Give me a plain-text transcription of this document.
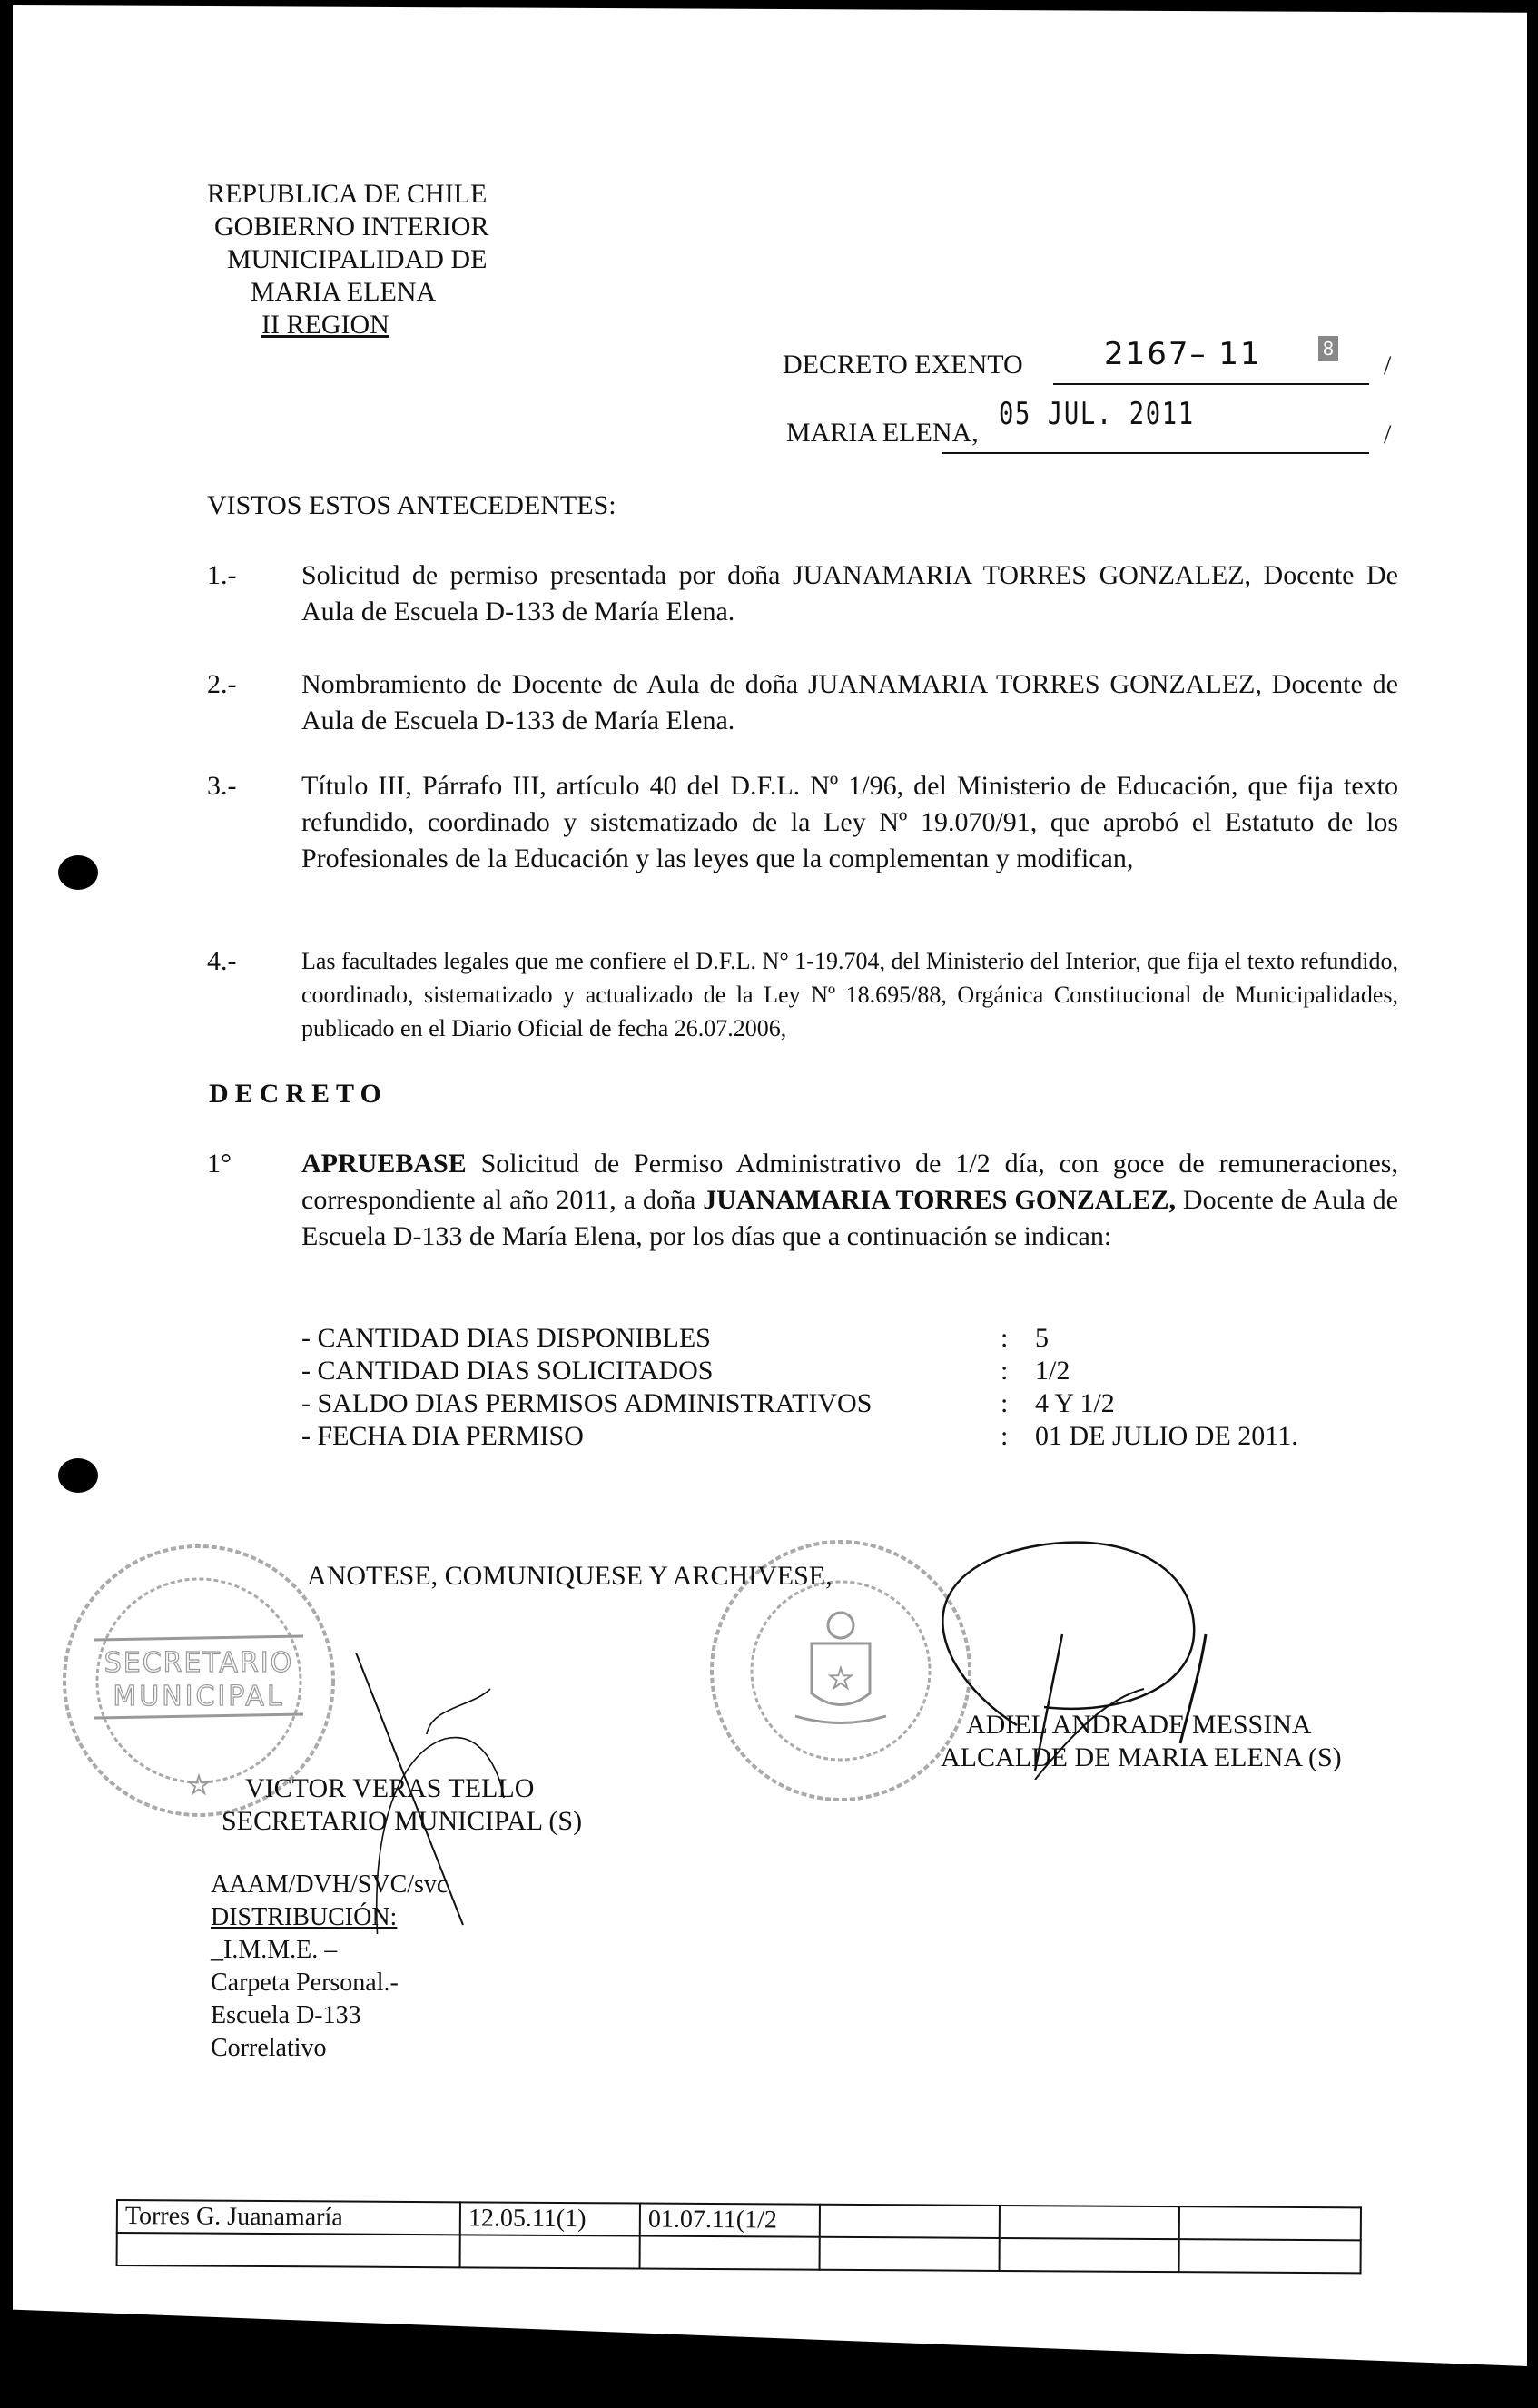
REPUBLICA DE CHILE
GOBIERNO INTERIOR
MUNICIPALIDAD DE
MARIA ELENA
II REGION
DECRETO EXENTO	2167– 11	8
/
MARIA ELENA,
05 JUL. 2011
/
VISTOS ESTOS ANTECEDENTES:
1.- Solicitud de permiso presentada por doña JUANAMARIA TORRES GONZALEZ, Docente De Aula de Escuela D-133 de María Elena.
2.- Nombramiento de Docente de Aula de doña JUANAMARIA TORRES GONZALEZ, Docente de Aula de Escuela D-133 de María Elena.
3.- Título III, Párrafo III, artículo 40 del D.F.L. Nº 1/96, del Ministerio de Educación, que fija texto refundido, coordinado y sistematizado de la Ley Nº 19.070/91, que aprobó el Estatuto de los Profesionales de la Educación y las leyes que la complementan y modifican,
4.-	Las facultades legales que me confiere el D.F.L. N° 1-19.704, del Ministerio del Interior, que fija el texto refundido, coordinado, sistematizado y actualizado de la Ley Nº 18.695/88, Orgánica Constitucional de Municipalidades, publicado en el Diario Oficial de fecha 26.07.2006,
DECRETO
1°	APRUEBASE Solicitud de Permiso Administrativo de 1/2 día, con goce de remuneraciones, correspondiente al año 2011, a doña JUANAMARIA TORRES GONZALEZ, Docente de Aula de Escuela D-133 de María Elena, por los días que a continuación se indican:
- CANTIDAD DIAS DISPONIBLES	: 5
- CANTIDAD DIAS SOLICITADOS	: 1/2
- SALDO DIAS PERMISOS ADMINISTRATIVOS	: 4 Y 1/2
- FECHA DIA PERMISO	: 01 DE JULIO DE 2011.
SECRETARIO
MUNICIPAL
☆
☆
ANOTESE, COMUNIQUESE Y ARCHIVESE,
VICTOR VERAS TELLO
SECRETARIO MUNICIPAL (S)
ADIEL ANDRADE MESSINA
ALCALDE DE MARIA ELENA (S)
AAAM/DVH/SVC/svc
DISTRIBUCIÓN:
_I.M.M.E. –
Carpeta Personal.-
Escuela D-133
Correlativo
Torres G. Juanamaría	12.05.11(1)	01.07.11(1/2			
